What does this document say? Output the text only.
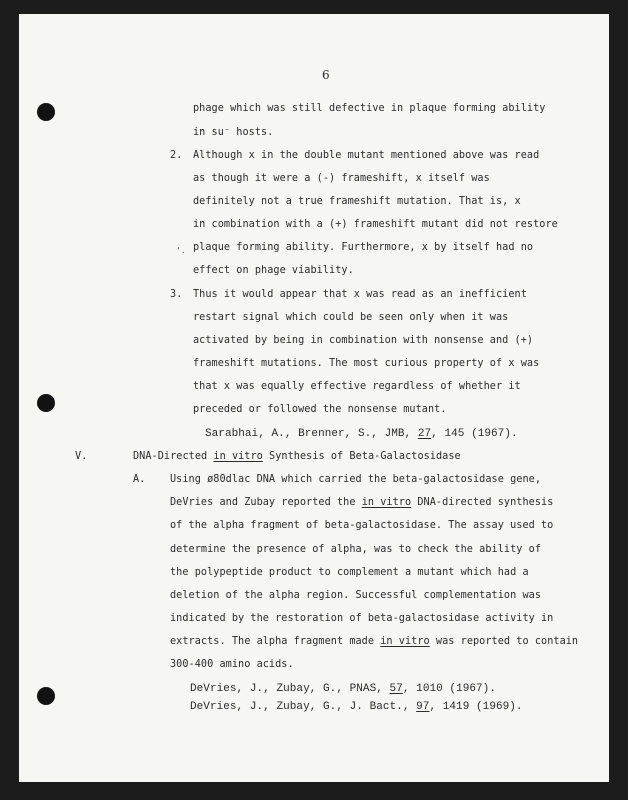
6
phage which was still defective in plaque forming ability
in su⁻ hosts.
2. Although x in the double mutant mentioned above was read
as though it were a (-) frameshift, x itself was
definitely not a true frameshift mutation. That is, x
in combination with a (+) frameshift mutant did not restore
‘. plaque forming ability. Furthermore, x by itself had no
effect on phage viability.
3. Thus it would appear that x was read as an inefficient
restart signal which could be seen only when it was
activated by being in combination with nonsense and (+)
frameshift mutations. The most curious property of x was
that x was equally effective regardless of whether it
preceded or followed the nonsense mutant.
Sarabhai, A., Brenner, S., JMB, 27, 145 (1967).
V.	DNA-Directed in vitro Synthesis of Beta-Galactosidase
A. Using ø80dlac DNA which carried the beta-galactosidase gene,
DeVries and Zubay reported the in vitro DNA-directed synthesis
of the alpha fragment of beta-galactosidase. The assay used to
determine the presence of alpha, was to check the ability of
the polypeptide product to complement a mutant which had a
deletion of the alpha region. Successful complementation was
indicated by the restoration of beta-galactosidase activity in
extracts. The alpha fragment made in vitro was reported to contain
300-400 amino acids.
DeVries, J., Zubay, G., PNAS, 57, 1010 (1967).
DeVries, J., Zubay, G., J. Bact., 97, 1419 (1969).
